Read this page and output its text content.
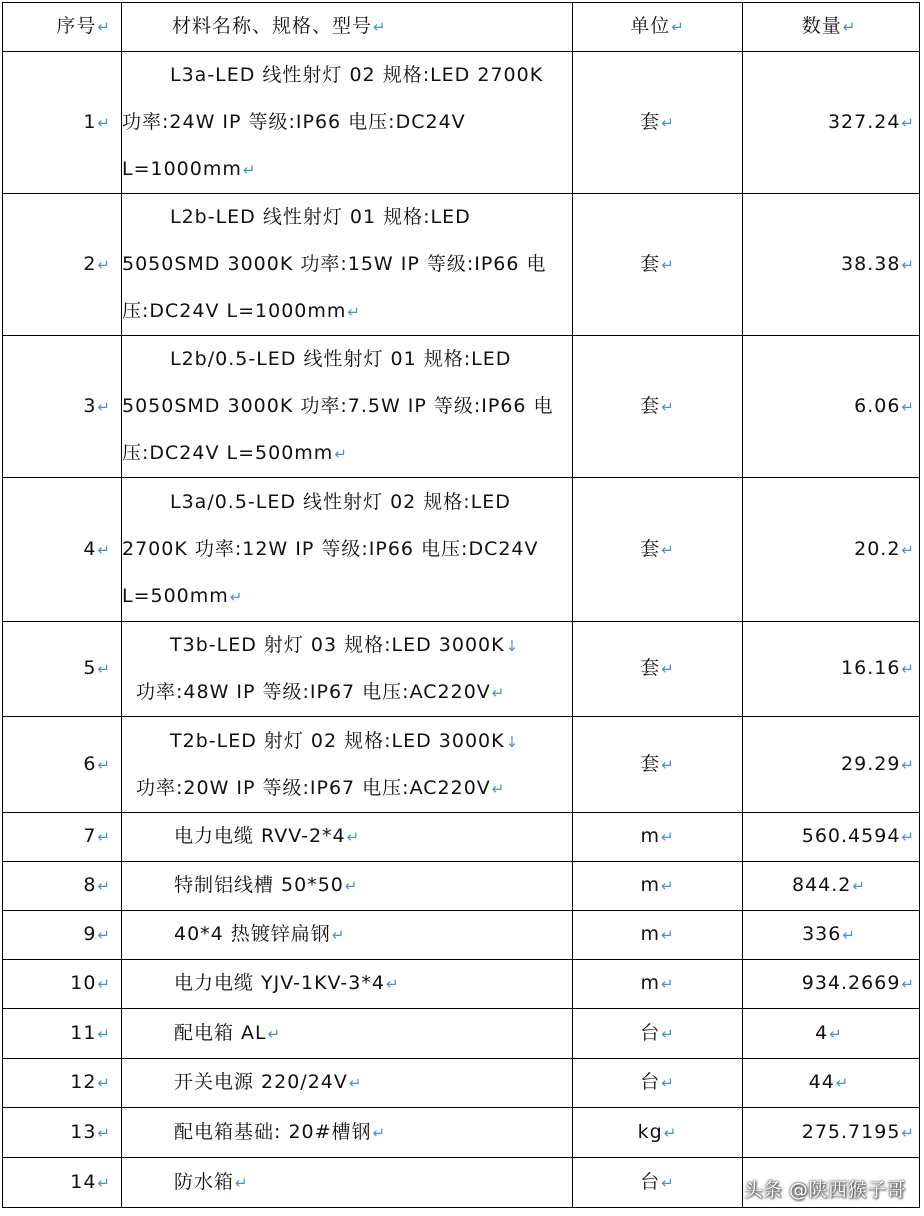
序号↵	材料名称、规格、型号↵	单位↵	数量↵
1↵	L3a-LED 线性射灯 02 规格:LED 2700K
功率:24W IP 等级:IP66 电压:DC24V
L=1000mm↵	套↵	327.24↵
2↵	L2b-LED 线性射灯 01 规格:LED
5050SMD 3000K 功率:15W IP 等级:IP66 电
压:DC24V L=1000mm↵	套↵	38.38↵
3↵	L2b/0.5-LED 线性射灯 01 规格:LED
5050SMD 3000K 功率:7.5W IP 等级:IP66 电
压:DC24V L=500mm↵	套↵	6.06↵
4↵	L3a/0.5-LED 线性射灯 02 规格:LED
2700K 功率:12W IP 等级:IP66 电压:DC24V
L=500mm↵	套↵	20.2↵
5↵	T3b-LED 射灯 03 规格:LED 3000K↓
功率:48W IP 等级:IP67 电压:AC220V↵	套↵	16.16↵
6↵	T2b-LED 射灯 02 规格:LED 3000K↓
功率:20W IP 等级:IP67 电压:AC220V↵	套↵	29.29↵
7↵	电力电缆 RVV-2*4↵	m↵	560.4594↵
8↵	特制铝线槽 50*50↵	m↵	844.2↵
9↵	40*4 热镀锌扁钢↵	m↵	336↵
10↵	电力电缆 YJV-1KV-3*4↵	m↵	934.2669↵
11↵	配电箱 AL↵	台↵	4↵
12↵	开关电源 220/24V↵	台↵	44↵
13↵	配电箱基础: 20#槽钢↵	kg↵	275.7195↵
14↵	防水箱↵	台↵		头条 @陕西猴子哥
